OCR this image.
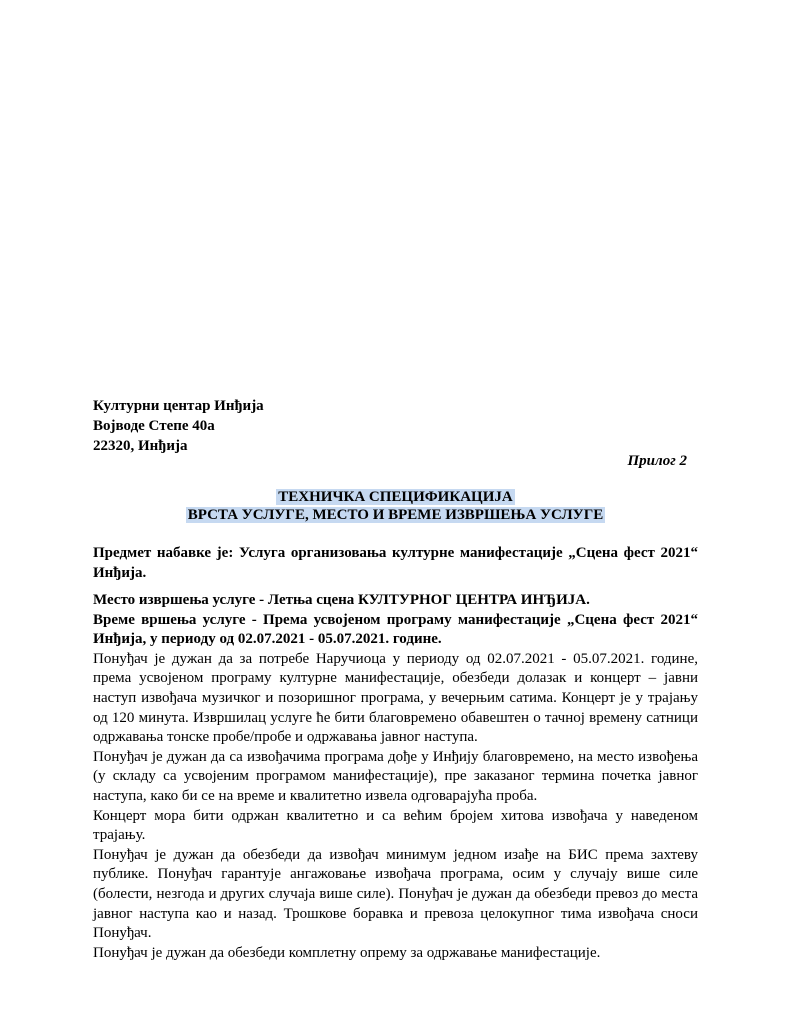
Културни центар Инђија
Војводе Степе 40а
22320, Инђија
Прилог 2
ТЕХНИЧКА СПЕЦИФИКАЦИЈА
ВРСТА УСЛУГЕ, МЕСТО И ВРЕМЕ ИЗВРШЕЊА УСЛУГЕ

Предмет набавке је: Услуга организовања културне манифестације „Сцена фест 2021“ Инђија.

Место извршења услуге - Летња сцена КУЛТУРНОГ ЦЕНТРА ИНЂИЈА.

Време вршења услуге - Према усвојеном програму манифестације „Сцена фест 2021“ Инђија, у периоду од 02.07.2021 - 05.07.2021. године.

Понуђач је дужан да за потребе Наручиоца у периоду од 02.07.2021 - 05.07.2021. године, према усвојеном програму културне манифестације, обезбеди долазак и концерт – јавни наступ извођача музичког и позоришног програма, у вечерњим сатима. Концерт је у трајању од 120 минута. Извршилац услуге ће бити благовремено обавештен о тачној времену сатници одржавања тонске пробе/пробе и одржавања јавног наступа.

Понуђач је дужан да са извођачима програма дође у Инђију благовремено, на место извођења (у складу са усвојеним програмом манифестације), пре заказаног термина почетка јавног наступа, како би се на време и квалитетно извела одговарајућа проба.

Концерт мора бити одржан квалитетно и са већим бројем хитова извођача у наведеном трајању.

Понуђач је дужан да обезбеди да извођач минимум једном изађе на БИС према захтеву публике. Понуђач гарантује ангажовање извођача програма, осим у случају више силе (болести, незгода и других случаја више силе). Понуђач је дужан да обезбеди превоз до места јавног наступа као и назад. Трошкове боравка и превоза целокупног тима извођача сноси Понуђач.

Понуђач је дужан да обезбеди комплетну опрему за одржавање манифестације.
